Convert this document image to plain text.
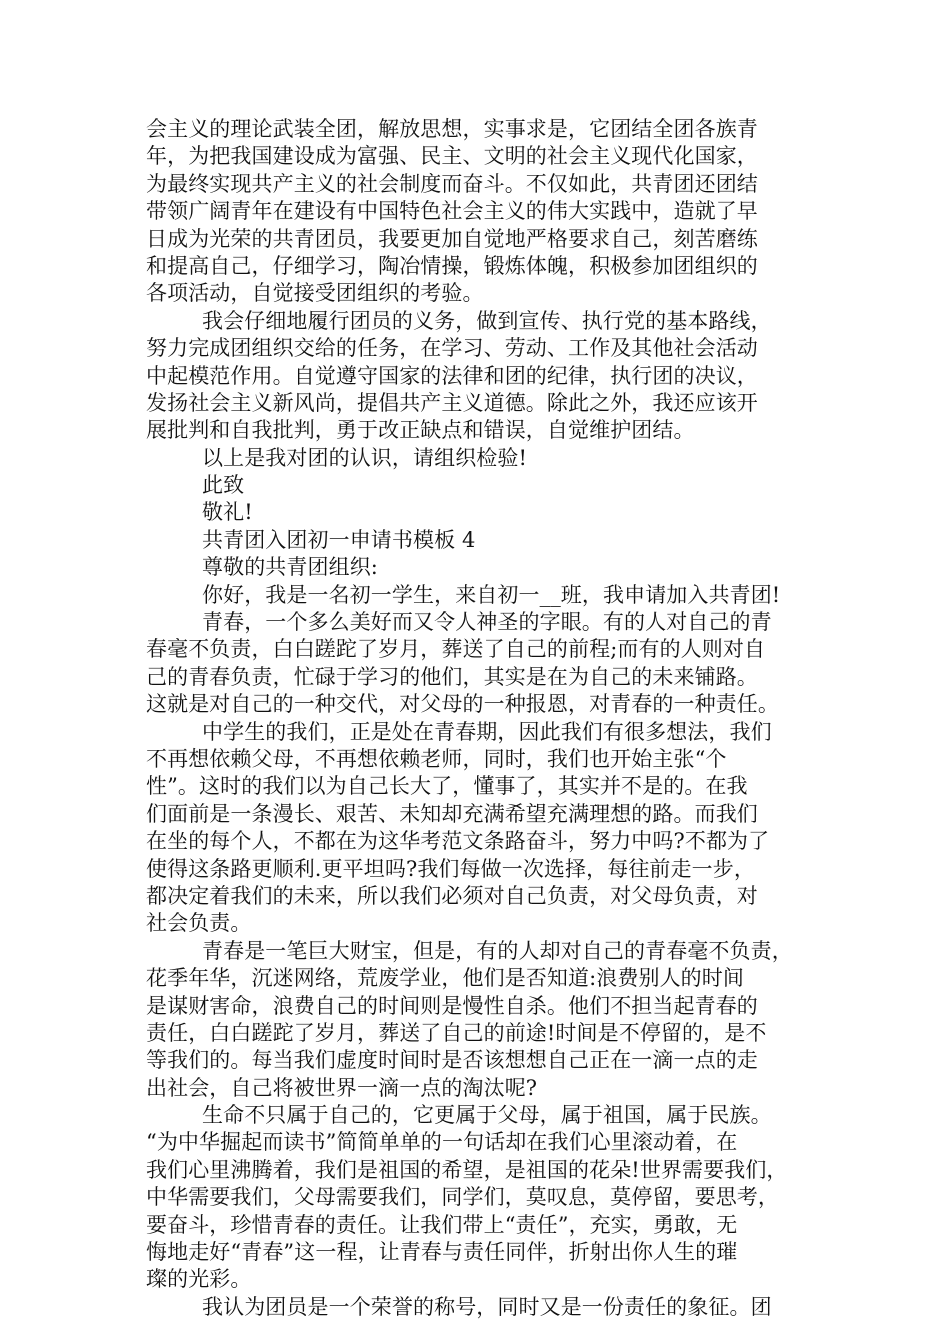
会主义的理论武装全团，解放思想，实事求是，它团结全团各族青
年，为把我国建设成为富强、民主、文明的社会主义现代化国家，
为最终实现共产主义的社会制度而奋斗。不仅如此，共青团还团结
带领广阔青年在建设有中国特色社会主义的伟大实践中，造就了早
日成为光荣的共青团员，我要更加自觉地严格要求自己，刻苦磨练
和提高自己，仔细学习，陶冶情操，锻炼体魄，积极参加团组织的
各项活动，自觉接受团组织的考验。
我会仔细地履行团员的义务，做到宣传、执行党的基本路线，
努力完成团组织交给的任务，在学习、劳动、工作及其他社会活动
中起模范作用。自觉遵守国家的法律和团的纪律，执行团的决议，
发扬社会主义新风尚，提倡共产主义道德。除此之外，我还应该开
展批判和自我批判，勇于改正缺点和错误，自觉维护团结。
以上是我对团的认识，请组织检验!
此致
敬礼!
共青团入团初一申请书模板 4
尊敬的共青团组织:
你好，我是一名初一学生，来自初一__班，我申请加入共青团!
青春，一个多么美好而又令人神圣的字眼。有的人对自己的青
春毫不负责，白白蹉跎了岁月，葬送了自己的前程;而有的人则对自
己的青春负责，忙碌于学习的他们，其实是在为自己的未来铺路。
这就是对自己的一种交代，对父母的一种报恩，对青春的一种责任。
中学生的我们，正是处在青春期，因此我们有很多想法，我们
不再想依赖父母，不再想依赖老师，同时，我们也开始主张“个
性”。这时的我们以为自己长大了，懂事了，其实并不是的。在我
们面前是一条漫长、艰苦、未知却充满希望充满理想的路。而我们
在坐的每个人，不都在为这华考范文条路奋斗，努力中吗?不都为了
使得这条路更顺利.更平坦吗?我们每做一次选择，每往前走一步，
都决定着我们的未来，所以我们必须对自己负责，对父母负责，对
社会负责。
青春是一笔巨大财宝，但是，有的人却对自己的青春毫不负责，
花季年华，沉迷网络，荒废学业，他们是否知道:浪费别人的时间
是谋财害命，浪费自己的时间则是慢性自杀。他们不担当起青春的
责任，白白蹉跎了岁月，葬送了自己的前途!时间是不停留的，是不
等我们的。每当我们虚度时间时是否该想想自己正在一滴一点的走
出社会，自己将被世界一滴一点的淘汰呢?
生命不只属于自己的，它更属于父母，属于祖国，属于民族。
“为中华掘起而读书”简简单单的一句话却在我们心里滚动着，在
我们心里沸腾着，我们是祖国的希望，是祖国的花朵!世界需要我们，
中华需要我们，父母需要我们，同学们，莫叹息，莫停留，要思考，
要奋斗，珍惜青春的责任。让我们带上“责任”，充实，勇敢，无
悔地走好“青春”这一程，让青春与责任同伴，折射出你人生的璀
璨的光彩。
我认为团员是一个荣誉的称号，同时又是一份责任的象征。团
